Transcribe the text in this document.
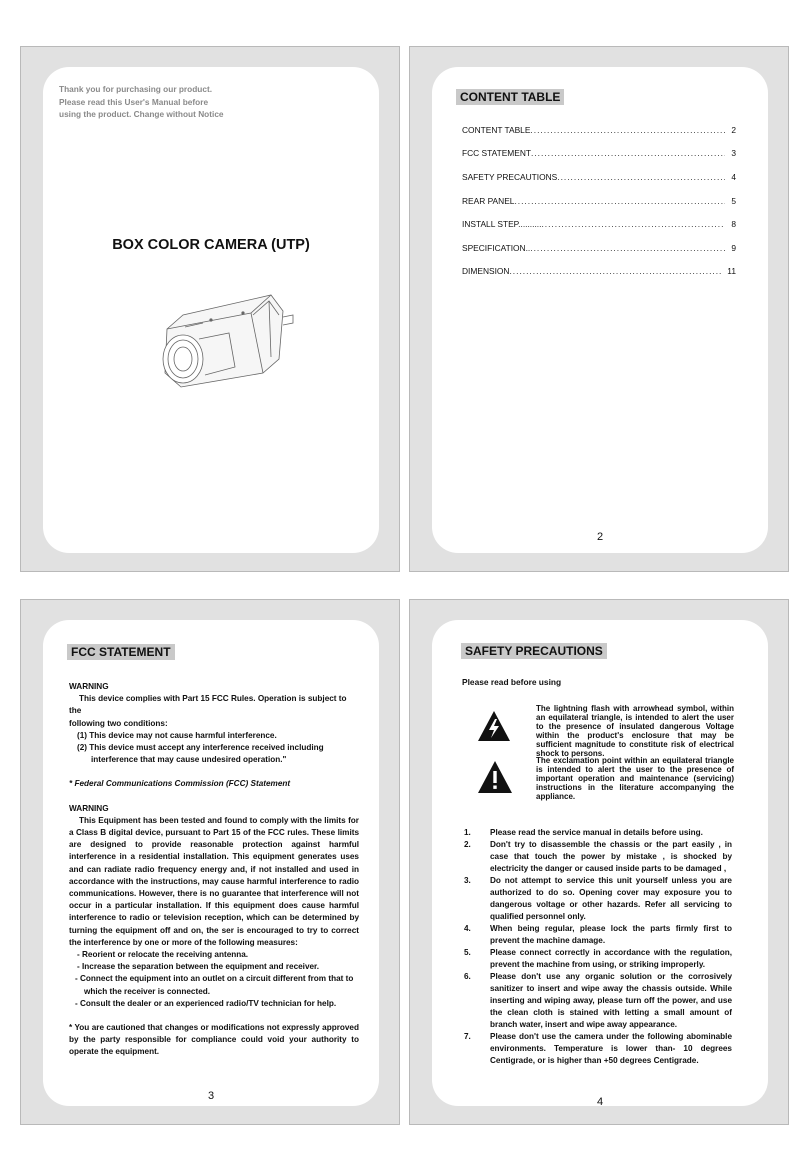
Thank you for purchasing our product.
Please read this User's Manual before
using the product. Change without Notice
BOX COLOR CAMERA (UTP)
CONTENT TABLE
CONTENT TABLE .....	2
FCC STATEMENT .....	3
SAFETY PRECAUTIONS .....	4
REAR PANEL .....	5
INSTALL STEP.......... .....	8
SPECIFICATION.. .....	9
DIMENSION .....	11
2
FCC STATEMENT

WARNING

This device complies with Part 15 FCC Rules. Operation is subject to the

following two conditions:

(1) This device may not cause harmful interference.

(2) This device must accept any interference received including

interference that may cause undesired operation."

* Federal Communications Commission (FCC) Statement

WARNING

This Equipment has been tested and found to comply with the limits for a Class B digital device, pursuant to Part 15 of the FCC rules. These limits are designed to provide reasonable protection against harmful interference in a residential installation. This equipment generates uses and can radiate radio frequency energy and, if not installed and used in accordance with the instructions, may cause harmful interference to radio communications. However, there is no guarantee that interference will not occur in a particular installation. If this equipment does cause harmful interference to radio or television reception, which can be determined by turning the equipment off and on, the ser is encouraged to try to correct the interference by one or more of the following measures:

- Reorient or relocate the receiving antenna.

- Increase the separation between the equipment and receiver.

- Connect the equipment into an outlet on a circuit different from that to

which the receiver is connected.

- Consult the dealer or an experienced radio/TV technician for help.

* You are cautioned that changes or modifications not expressly approved by the party responsible for compliance could void your authority to operate the equipment.

3
SAFETY PRECAUTIONS
Please read before using
The lightning flash with arrowhead symbol, within an equilateral triangle, is intended to alert the user to the presence of insulated dangerous Voltage within the product's enclosure that may be sufficient magnitude to constitute risk of electrical shock to persons.
The exclamation point within an equilateral triangle is intended to alert the user to the presence of important operation and maintenance (servicing) instructions in the literature accompanying the appliance.
1.	Please read the service manual in details before using.
2.	Don't try to disassemble the chassis or the part easily , in case that touch the power by mistake , is shocked by electricity the danger or caused inside parts to be damaged ,
3.	Do not attempt to service this unit yourself unless you are authorized to do so. Opening cover may exposure you to dangerous voltage or other hazards. Refer all servicing to qualified personnel only.
4.	When being regular, please lock the parts firmly first to prevent the machine damage.
5.	Please connect correctly in accordance with the regulation, prevent the machine from using, or striking improperly.
6.	Please don't use any organic solution or the corrosively sanitizer to insert and wipe away the chassis outside. While inserting and wiping away, please turn off the power, and use the clean cloth is stained with letting a small amount of branch water, insert and wipe away appearance.
7.	Please don't use the camera under the following abominable environments. Temperature is lower than- 10 degrees Centigrade, or is higher than +50 degrees Centigrade.
4
